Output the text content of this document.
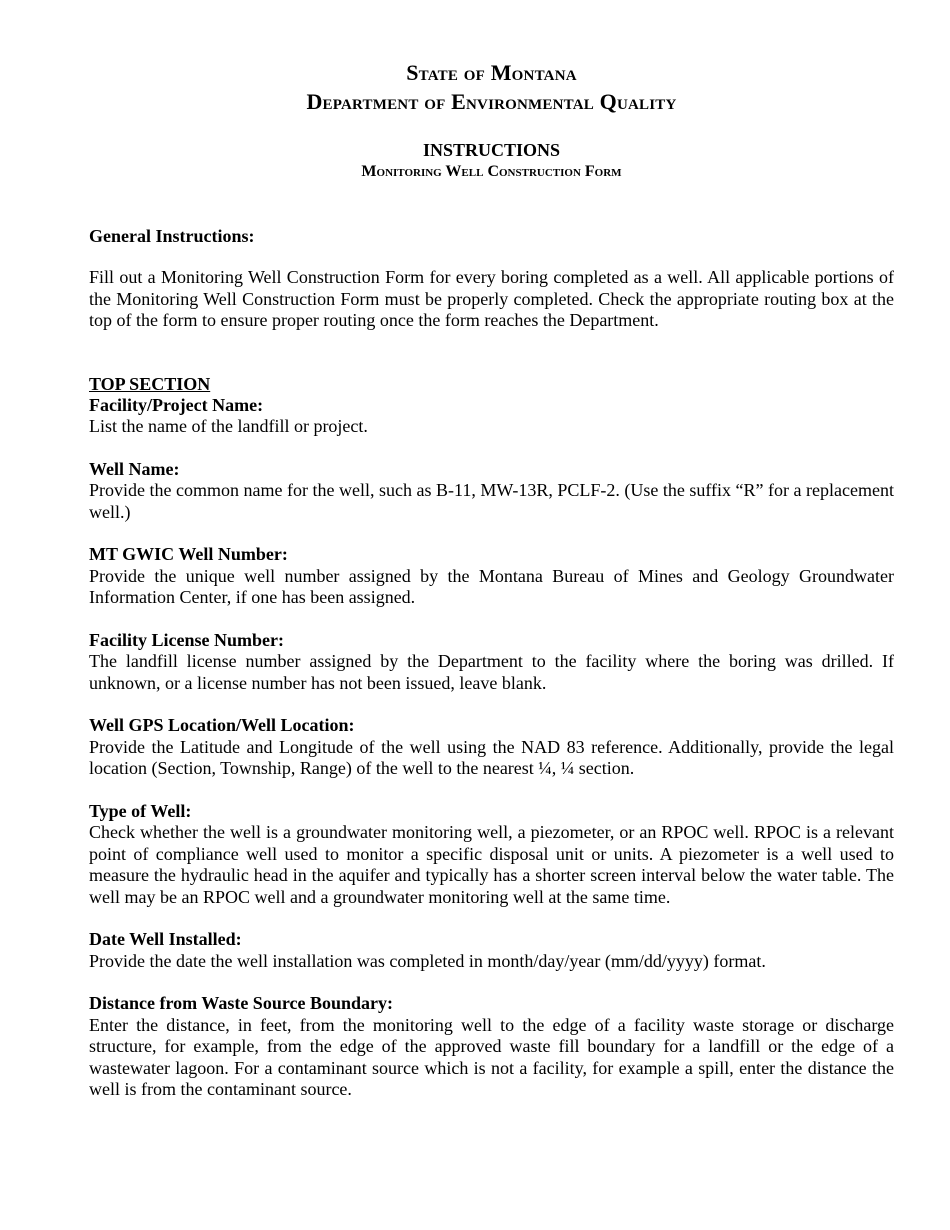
State of Montana
Department of Environmental Quality
INSTRUCTIONS
Monitoring Well Construction Form
General Instructions:
Fill out a Monitoring Well Construction Form for every boring completed as a well. All applicable portions of the Monitoring Well Construction Form must be properly completed. Check the appropriate routing box at the top of the form to ensure proper routing once the form reaches the Department.
TOP SECTION
Facility/Project Name:
List the name of the landfill or project.
Well Name:
Provide the common name for the well, such as B-11, MW-13R, PCLF-2. (Use the suffix “R” for a replacement well.)
MT GWIC Well Number:
Provide the unique well number assigned by the Montana Bureau of Mines and Geology Groundwater Information Center, if one has been assigned.
Facility License Number:
The landfill license number assigned by the Department to the facility where the boring was drilled. If unknown, or a license number has not been issued, leave blank.
Well GPS Location/Well Location:
Provide the Latitude and Longitude of the well using the NAD 83 reference. Additionally, provide the legal location (Section, Township, Range) of the well to the nearest ¼, ¼ section.
Type of Well:
Check whether the well is a groundwater monitoring well, a piezometer, or an RPOC well. RPOC is a relevant point of compliance well used to monitor a specific disposal unit or units. A piezometer is a well used to measure the hydraulic head in the aquifer and typically has a shorter screen interval below the water table. The well may be an RPOC well and a groundwater monitoring well at the same time.
Date Well Installed:
Provide the date the well installation was completed in month/day/year (mm/dd/yyyy) format.
Distance from Waste Source Boundary:
Enter the distance, in feet, from the monitoring well to the edge of a facility waste storage or discharge structure, for example, from the edge of the approved waste fill boundary for a landfill or the edge of a wastewater lagoon. For a contaminant source which is not a facility, for example a spill, enter the distance the well is from the contaminant source.
